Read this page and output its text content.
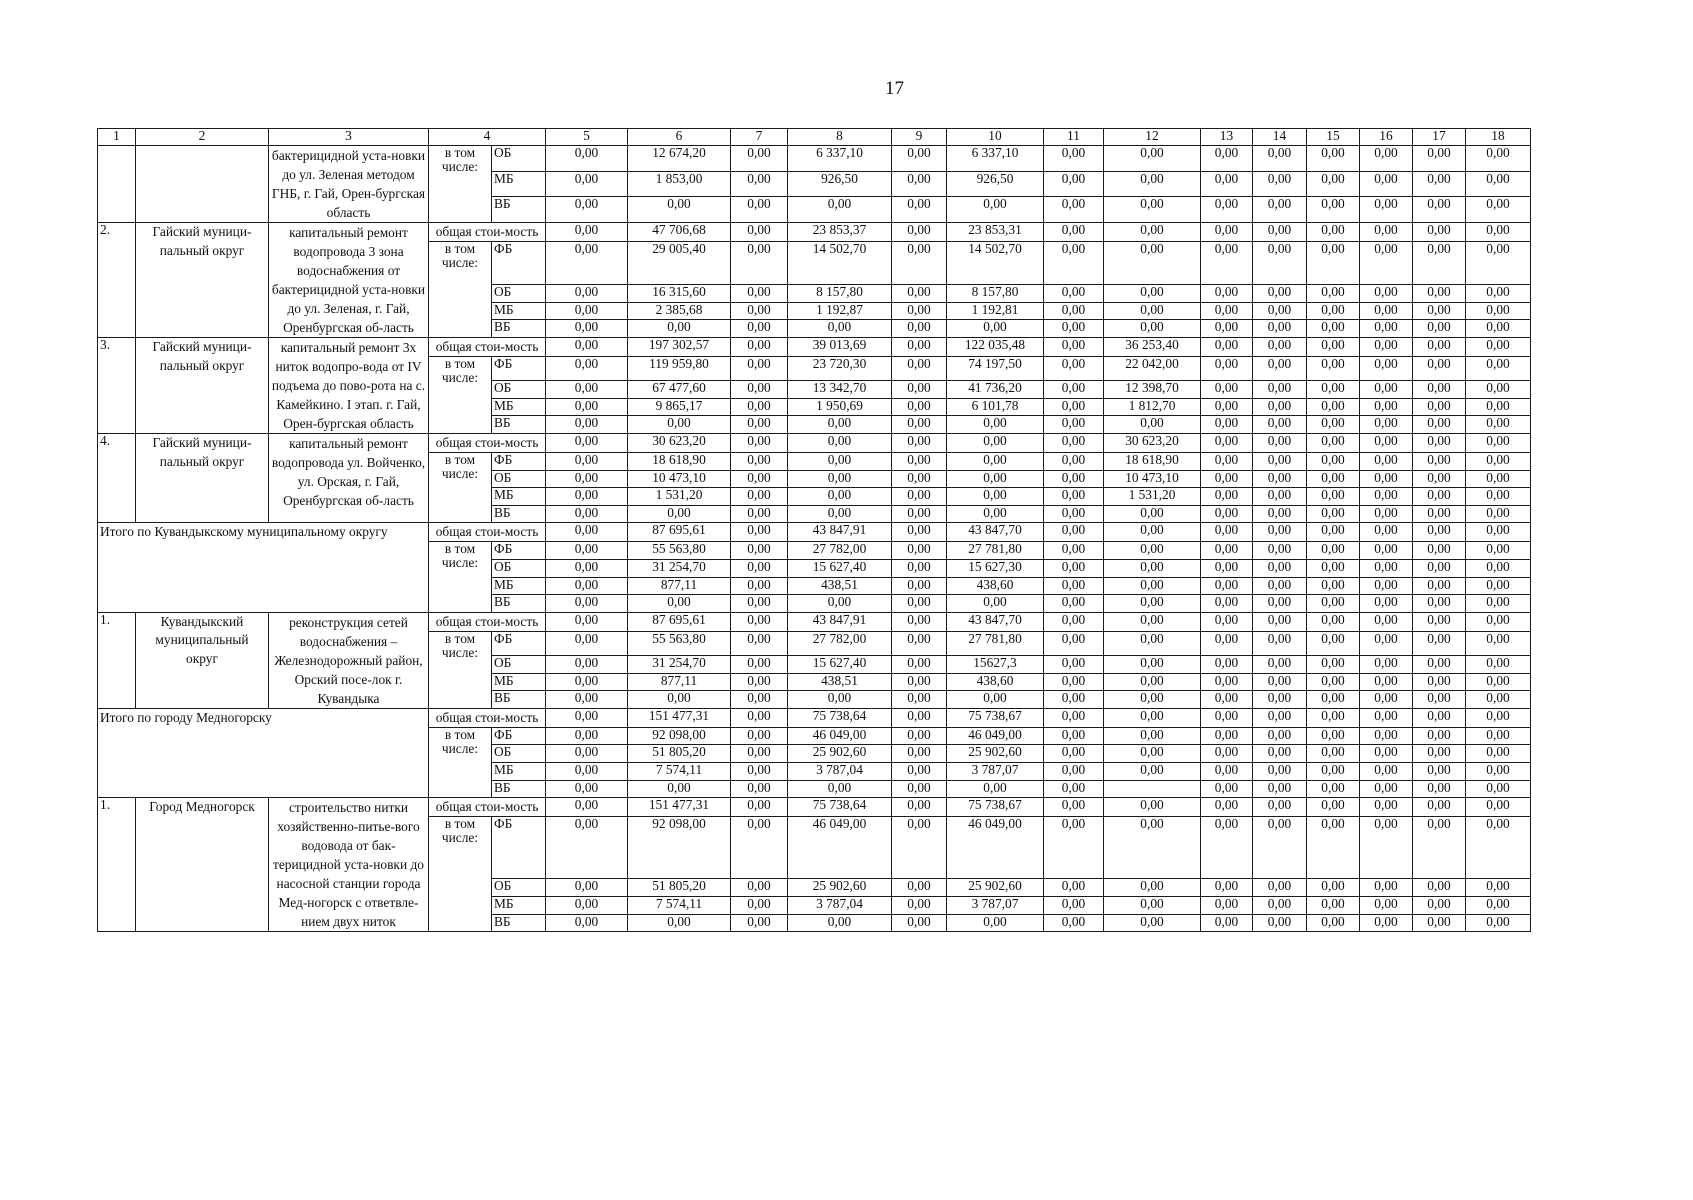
17
1	2	3	4		5	6	7	8	9	10	11	12	13	14	15	16	17	18
		бактерицидной уста-новки до ул. Зеленая методом ГНБ, г. Гай, Орен-бургская область	в том числе:	ОБ	0,00	12 674,20	0,00	6 337,10	0,00	6 337,10	0,00	0,00	0,00	0,00	0,00	0,00	0,00	0,00
				МБ	0,00	1 853,00	0,00	926,50	0,00	926,50	0,00	0,00	0,00	0,00	0,00	0,00	0,00	0,00
				ВБ	0,00	0,00	0,00	0,00	0,00	0,00	0,00	0,00	0,00	0,00	0,00	0,00	0,00	0,00
2.	Гайский муници-пальный округ	капитальный ремонт водопровода 3 зона водоснабжения от бактерицидной уста-новки до ул. Зеленая, г. Гай, Оренбургская об-ласть	общая стои-мость		0,00	47 706,68	0,00	23 853,37	0,00	23 853,31	0,00	0,00	0,00	0,00	0,00	0,00	0,00	0,00
			в том числе:	ФБ	0,00	29 005,40	0,00	14 502,70	0,00	14 502,70	0,00	0,00	0,00	0,00	0,00	0,00	0,00	0,00
				ОБ	0,00	16 315,60	0,00	8 157,80	0,00	8 157,80	0,00	0,00	0,00	0,00	0,00	0,00	0,00	0,00
				МБ	0,00	2 385,68	0,00	1 192,87	0,00	1 192,81	0,00	0,00	0,00	0,00	0,00	0,00	0,00	0,00
				ВБ	0,00	0,00	0,00	0,00	0,00	0,00	0,00	0,00	0,00	0,00	0,00	0,00	0,00	0,00
3.	Гайский муници-пальный округ	капитальный ремонт 3х ниток водопро-вода от IV подъема до пово-рота на с. Камейкино. I этап. г. Гай, Орен-бургская область	общая стои-мость		0,00	197 302,57	0,00	39 013,69	0,00	122 035,48	0,00	36 253,40	0,00	0,00	0,00	0,00	0,00	0,00
			в том числе:	ФБ	0,00	119 959,80	0,00	23 720,30	0,00	74 197,50	0,00	22 042,00	0,00	0,00	0,00	0,00	0,00	0,00
				ОБ	0,00	67 477,60	0,00	13 342,70	0,00	41 736,20	0,00	12 398,70	0,00	0,00	0,00	0,00	0,00	0,00
				МБ	0,00	9 865,17	0,00	1 950,69	0,00	6 101,78	0,00	1 812,70	0,00	0,00	0,00	0,00	0,00	0,00
				ВБ	0,00	0,00	0,00	0,00	0,00	0,00	0,00	0,00	0,00	0,00	0,00	0,00	0,00	0,00
4.	Гайский муници-пальный округ	капитальный ремонт водопровода ул. Войченко, ул. Орская, г. Гай, Оренбургская об-ласть	общая стои-мость		0,00	30 623,20	0,00	0,00	0,00	0,00	0,00	30 623,20	0,00	0,00	0,00	0,00	0,00	0,00
			в том числе:	ФБ	0,00	18 618,90	0,00	0,00	0,00	0,00	0,00	18 618,90	0,00	0,00	0,00	0,00	0,00	0,00
				ОБ	0,00	10 473,10	0,00	0,00	0,00	0,00	0,00	10 473,10	0,00	0,00	0,00	0,00	0,00	0,00
				МБ	0,00	1 531,20	0,00	0,00	0,00	0,00	0,00	1 531,20	0,00	0,00	0,00	0,00	0,00	0,00
				ВБ	0,00	0,00	0,00	0,00	0,00	0,00	0,00	0,00	0,00	0,00	0,00	0,00	0,00	0,00
Итого по Кувандыкскому муниципальному округу			общая стои-мость		0,00	87 695,61	0,00	43 847,91	0,00	43 847,70	0,00	0,00	0,00	0,00	0,00	0,00	0,00	0,00
			в том числе:	ФБ	0,00	55 563,80	0,00	27 782,00	0,00	27 781,80	0,00	0,00	0,00	0,00	0,00	0,00	0,00	0,00
				ОБ	0,00	31 254,70	0,00	15 627,40	0,00	15 627,30	0,00	0,00	0,00	0,00	0,00	0,00	0,00	0,00
				МБ	0,00	877,11	0,00	438,51	0,00	438,60	0,00	0,00	0,00	0,00	0,00	0,00	0,00	0,00
				ВБ	0,00	0,00	0,00	0,00	0,00	0,00	0,00	0,00	0,00	0,00	0,00	0,00	0,00	0,00
1.	Кувандыкский муниципальный округ	реконструкция сетей водоснабжения – Железнодорожный район, Орский посе-лок г. Кувандыка	общая стои-мость		0,00	87 695,61	0,00	43 847,91	0,00	43 847,70	0,00	0,00	0,00	0,00	0,00	0,00	0,00	0,00
			в том числе:	ФБ	0,00	55 563,80	0,00	27 782,00	0,00	27 781,80	0,00	0,00	0,00	0,00	0,00	0,00	0,00	0,00
				ОБ	0,00	31 254,70	0,00	15 627,40	0,00	15627,3	0,00	0,00	0,00	0,00	0,00	0,00	0,00	0,00
				МБ	0,00	877,11	0,00	438,51	0,00	438,60	0,00	0,00	0,00	0,00	0,00	0,00	0,00	0,00
				ВБ	0,00	0,00	0,00	0,00	0,00	0,00	0,00	0,00	0,00	0,00	0,00	0,00	0,00	0,00
Итого по городу Медногорску			общая стои-мость		0,00	151 477,31	0,00	75 738,64	0,00	75 738,67	0,00	0,00	0,00	0,00	0,00	0,00	0,00	0,00
			в том числе:	ФБ	0,00	92 098,00	0,00	46 049,00	0,00	46 049,00	0,00	0,00	0,00	0,00	0,00	0,00	0,00	0,00
				ОБ	0,00	51 805,20	0,00	25 902,60	0,00	25 902,60	0,00	0,00	0,00	0,00	0,00	0,00	0,00	0,00
				МБ	0,00	7 574,11	0,00	3 787,04	0,00	3 787,07	0,00	0,00	0,00	0,00	0,00	0,00	0,00	0,00
				ВБ	0,00	0,00	0,00	0,00	0,00	0,00	0,00		0,00	0,00	0,00	0,00	0,00	0,00
1.	Город Медногорск	строительство нитки хозяйственно-питье-вого водовода от бак-терицидной уста-новки до насосной станции города Мед-ногорск с ответвле-нием двух ниток	общая стои-мость		0,00	151 477,31	0,00	75 738,64	0,00	75 738,67	0,00	0,00	0,00	0,00	0,00	0,00	0,00	0,00
			в том числе:	ФБ	0,00	92 098,00	0,00	46 049,00	0,00	46 049,00	0,00	0,00	0,00	0,00	0,00	0,00	0,00	0,00
				ОБ	0,00	51 805,20	0,00	25 902,60	0,00	25 902,60	0,00	0,00	0,00	0,00	0,00	0,00	0,00	0,00
				МБ	0,00	7 574,11	0,00	3 787,04	0,00	3 787,07	0,00	0,00	0,00	0,00	0,00	0,00	0,00	0,00
				ВБ	0,00	0,00	0,00	0,00	0,00	0,00	0,00	0,00	0,00	0,00	0,00	0,00	0,00	0,00
